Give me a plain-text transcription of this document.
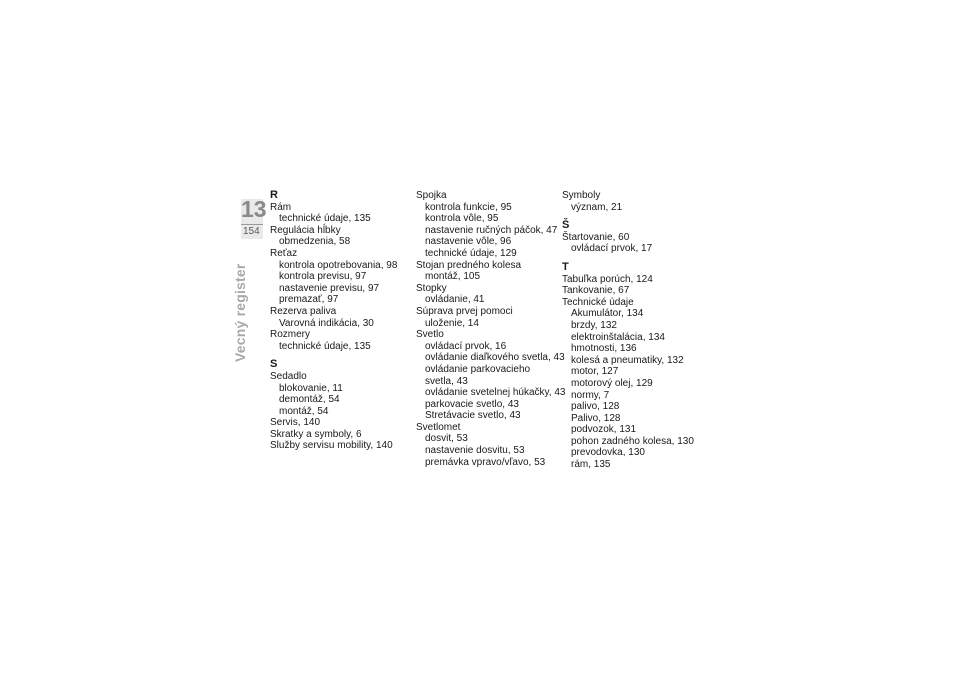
13
154
Vecný register
R
Rám
technické údaje, 135
Regulácia hĺbky
obmedzenia, 58
Reťaz
kontrola opotrebovania, 98
kontrola previsu, 97
nastavenie previsu, 97
premazať, 97
Rezerva paliva
Varovná indikácia, 30
Rozmery
technické údaje, 135
S
Sedadlo
blokovanie, 11
demontáž, 54
montáž, 54
Servis, 140
Skratky a symboly, 6
Služby servisu mobility, 140
Spojka
kontrola funkcie, 95
kontrola vôle, 95
nastavenie ručných páčok, 47
nastavenie vôle, 96
technické údaje, 129
Stojan predného kolesa
montáž, 105
Stopky
ovládanie, 41
Súprava prvej pomoci
uloženie, 14
Svetlo
ovládací prvok, 16
ovládanie diaľkového svetla, 43
ovládanie parkovacieho
svetla, 43
ovládanie svetelnej húkačky, 43
parkovacie svetlo, 43
Stretávacie svetlo, 43
Svetlomet
dosvit, 53
nastavenie dosvitu, 53
premávka vpravo/vľavo, 53
Symboly
význam, 21
Š
Štartovanie, 60
ovládací prvok, 17
T
Tabuľka porúch, 124
Tankovanie, 67
Technické údaje
Akumulátor, 134
brzdy, 132
elektroinštalácia, 134
hmotnosti, 136
kolesá a pneumatiky, 132
motor, 127
motorový olej, 129
normy, 7
palivo, 128
Palivo, 128
podvozok, 131
pohon zadného kolesa, 130
prevodovka, 130
rám, 135
